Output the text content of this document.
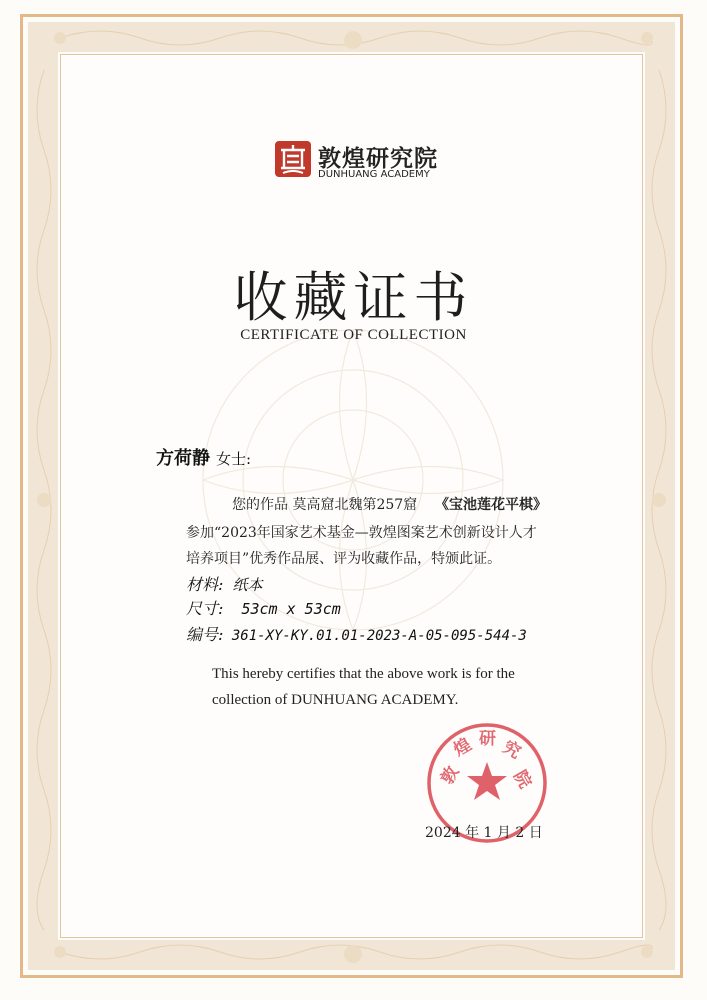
敦煌研究院
DUNHUANG ACADEMY
收藏证书
CERTIFICATE OF COLLECTION
方荷静 女士:
您的作品 莫高窟北魏第257窟 《宝池莲花平棋》
参加“2023年国家艺术基金—敦煌图案艺术创新设计人才
培养项目”优秀作品展、评为收藏作品，特颁此证。
材料: 纸本
尺寸: 53cm x 53cm
编号: 361-XY-KY.01.01-2023-A-05-095-544-3
This hereby certifies that the above work is for the
collection of DUNHUANG ACADEMY.
敦
煌 研 究
院
2024 年 1 月 2 日
